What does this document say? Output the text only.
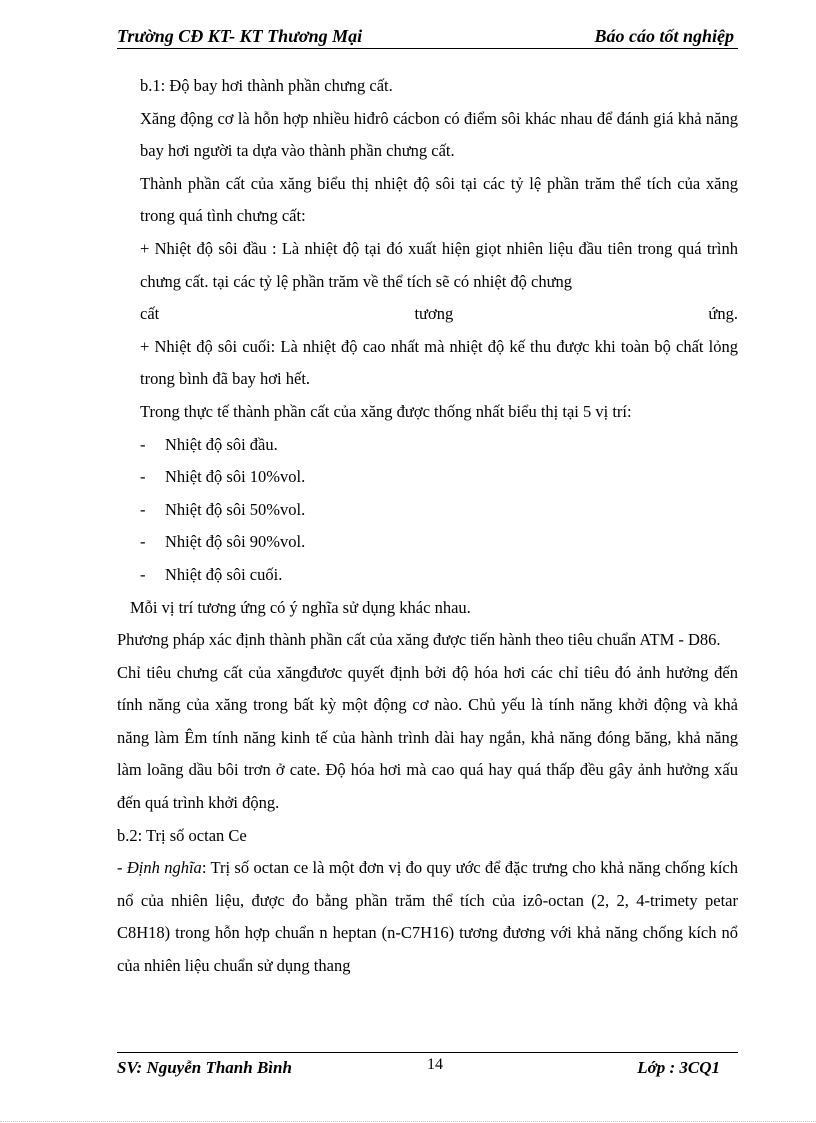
Trường CĐ KT- KT Thương Mại	Báo cáo tốt nghiệp

b.1: Độ bay hơi thành phần chưng cất.

Xăng động cơ là hỗn hợp nhiều hiđrô cácbon có điểm sôi khác nhau để đánh giá khả năng bay hơi người ta dựa vào thành phần chưng cất.

Thành phần cất của xăng biểu thị nhiệt độ sôi tại các tỷ lệ phần trăm thể tích của xăng trong quá tình chưng cất:

+ Nhiệt độ sôi đầu : Là nhiệt độ tại đó xuất hiện giọt nhiên liệu đầu tiên trong quá trình chưng cất. tại các tỷ lệ phần trăm về thể tích sẽ có nhiệt độ chưng

cất	tương	ứng.

+ Nhiệt độ sôi cuối: Là nhiệt độ cao nhất mà nhiệt độ kế thu được khi toàn bộ chất lỏng trong bình đã bay hơi hết.

Trong thực tế thành phần cất của xăng được thống nhất biểu thị tại 5 vị trí:

-	Nhiệt độ sôi đầu.
-	Nhiệt độ sôi 10%vol.
-	Nhiệt độ sôi 50%vol.
-	Nhiệt độ sôi 90%vol.
-	Nhiệt độ sôi cuối.

Mỗi vị trí tương ứng có ý nghĩa sử dụng khác nhau.

Phương pháp xác định thành phần cất của xăng được tiến hành theo tiêu chuẩn ATM - D86.

Chỉ tiêu chưng cất của xăngđươc quyết định bởi độ hóa hơi các chỉ tiêu đó ảnh hưởng đến tính năng của xăng trong bất kỳ một động cơ nào. Chủ yếu là tính năng khởi động và khả năng làm Êm tính năng kinh tế của hành trình dài hay ngắn, khả năng đóng băng, khả năng làm loãng dầu bôi trơn ở cate. Độ hóa hơi mà cao quá hay quá thấp đều gây ảnh hưởng xấu đến quá trình khởi động.

b.2: Trị số octan Ce

- Định nghĩa: Trị số octan ce là một đơn vị đo quy ước để đặc trưng cho khả năng chống kích nổ của nhiên liệu, được đo bằng phần trăm thể tích của izô-octan (2, 2, 4-trimety petar C8H18) trong hỗn hợp chuẩn n heptan (n-C7H16) tương đương với khả năng chống kích nổ của nhiên liệu chuẩn sử dụng thang

SV: Nguyễn Thanh Bình	14	Lớp : 3CQ1
